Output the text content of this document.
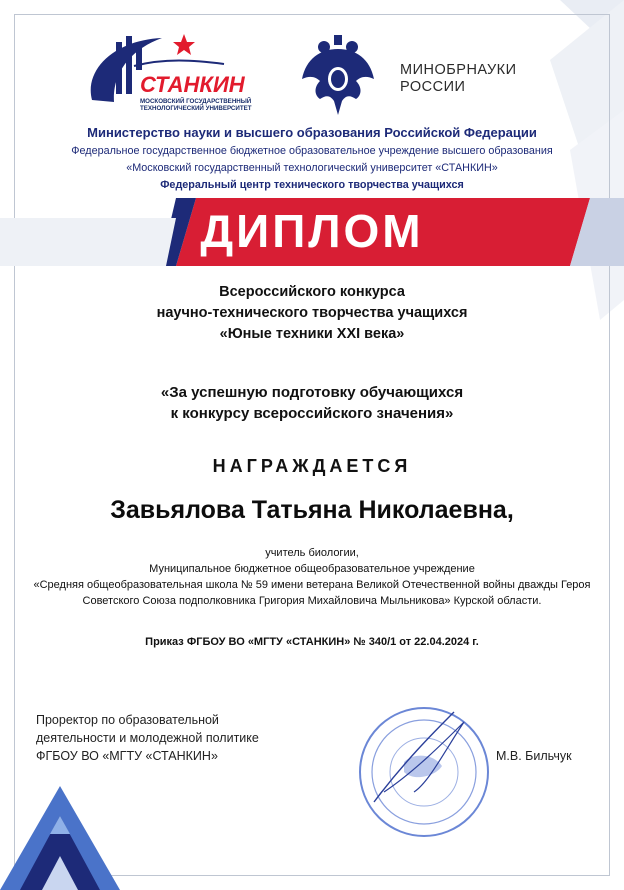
СТАНКИН
МОСКОВСКИЙ ГОСУДАРСТВЕННЫЙ ТЕХНОЛОГИЧЕСКИЙ УНИВЕРСИТЕТ
МИНОБРНАУКИ
РОССИИ
Министерство науки и высшего образования Российской Федерации
Федеральное государственное бюджетное образовательное учреждение высшего образования
«Московский государственный технологический университет «СТАНКИН»
Федеральный центр технического творчества учащихся
ДИПЛОМ
Всероссийского конкурса
научно-технического творчества учащихся
«Юные техники XXI века»
«За успешную подготовку обучающихся
к конкурсу всероссийского значения»
НАГРАЖДАЕТСЯ
Завьялова Татьяна Николаевна,
учитель биологии,
Муниципальное бюджетное общеобразовательное учреждение
«Средняя общеобразовательная школа № 59 имени ветерана Великой Отечественной войны дважды Героя
Советского Союза подполковника Григория Михайловича Мыльникова» Курской области.
Приказ ФГБОУ ВО «МГТУ «СТАНКИН» № 340/1 от 22.04.2024 г.
Проректор по образовательной
деятельности и молодежной политике
ФГБОУ ВО «МГТУ «СТАНКИН»	М.В. Бильчук
